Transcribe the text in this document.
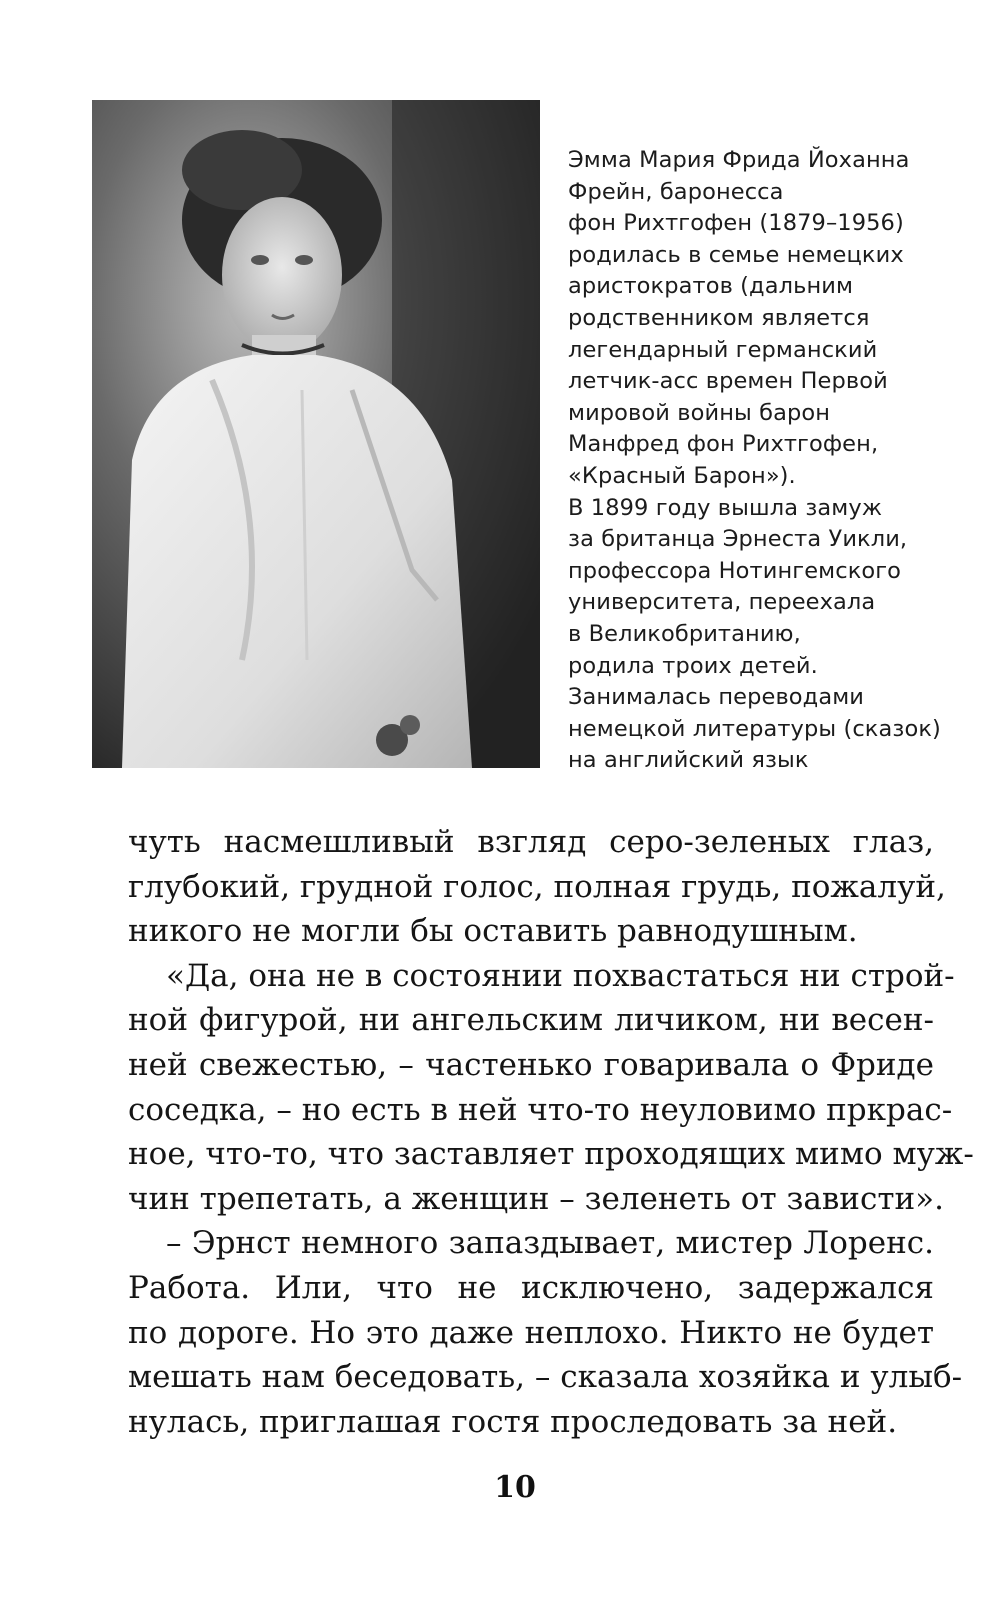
Эмма Мария Фрида Йоханна
Фрейн, баронесса
фон Рихтгофен (1879–1956)
родилась в семье немецких
аристократов (дальним
родственником является
легендарный германский
летчик-асс времен Первой
мировой войны барон
Манфред фон Рихтгофен,
«Красный Барон»).
В 1899 году вышла замуж
за британца Эрнеста Уикли,
профессора Нотингемского
университета, переехала
в Великобританию,
родила троих детей.
Занималась переводами
немецкой литературы (сказок)
на английский язык
чуть насмешливый взгляд серо-зеленых глаз,
глубокий, грудной голос, полная грудь, пожалуй,
никого не могли бы оставить равнодушным.
«Да, она не в состоянии похвастаться ни строй-
ной фигурой, ни ангельским личиком, ни весен-
ней свежестью, – частенько говаривала о Фриде
соседка, – но есть в ней что-то неуловимо пркрас-
ное, что-то, что заставляет проходящих мимо муж-
чин трепетать, а женщин – зеленеть от зависти».
– Эрнст немного запаздывает, мистер Лоренс.
Работа. Или, что не исключено, задержался
по дороге. Но это даже неплохо. Никто не будет
мешать нам беседовать, – сказала хозяйка и улыб-
нулась, приглашая гостя проследовать за ней.
10
